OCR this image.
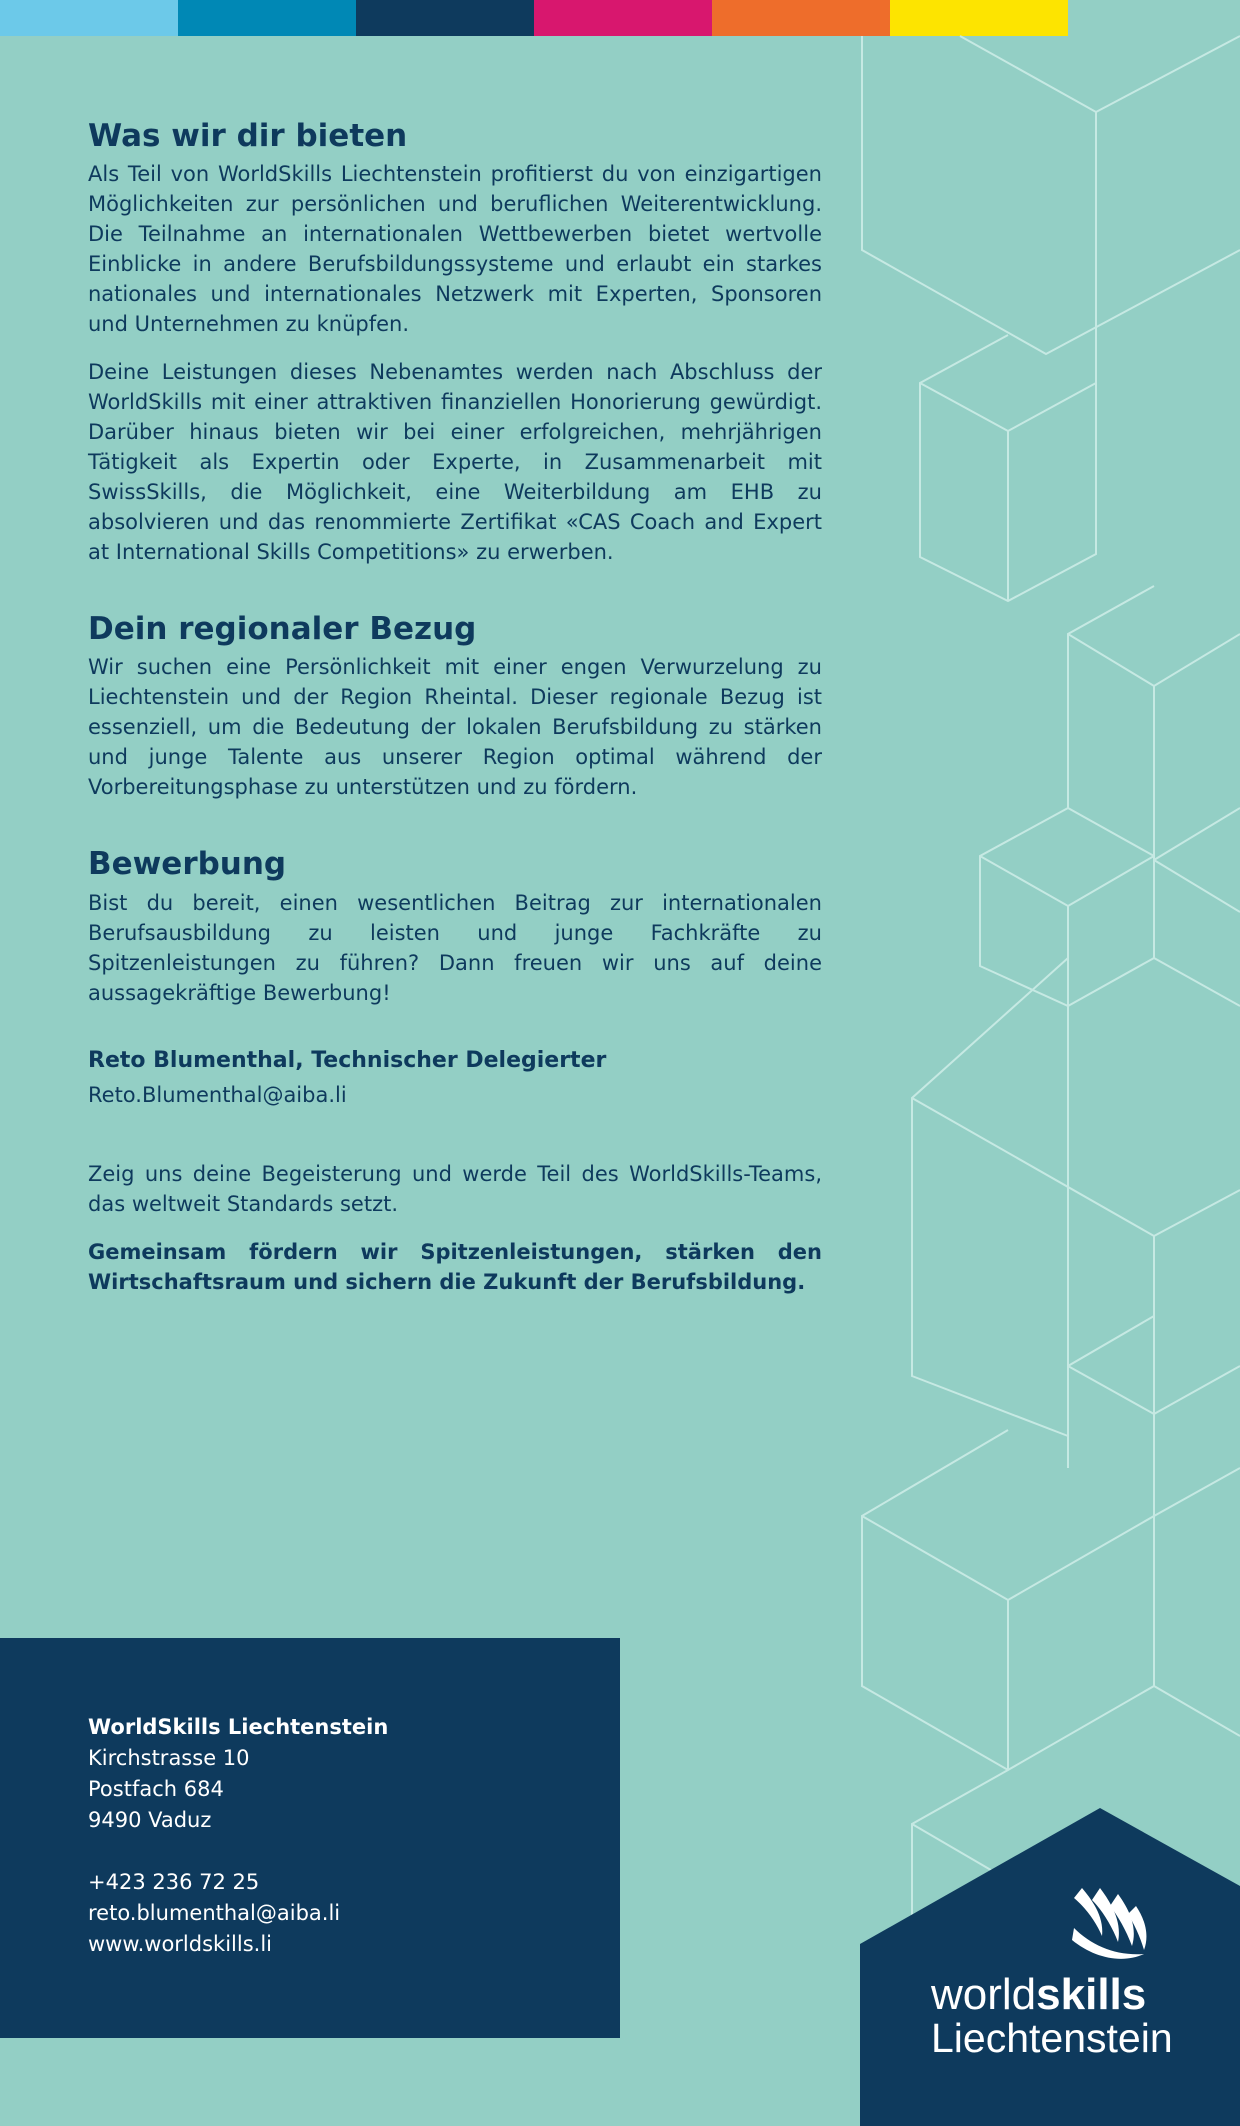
Was wir dir bieten

Als Teil von WorldSkills Liechtenstein profitierst du von einzigartigen Möglichkeiten zur persönlichen und beruflichen Weiterentwicklung. Die Teilnahme an internationalen Wettbewerben bietet wertvolle Einblicke in andere Berufsbildungssysteme und erlaubt ein starkes nationales und internationales Netzwerk mit Experten, Sponsoren und Unternehmen zu knüpfen.

Deine Leistungen dieses Nebenamtes werden nach Abschluss der WorldSkills mit einer attraktiven finanziellen Honorierung gewürdigt. Darüber hinaus bieten wir bei einer erfolgreichen, mehrjährigen Tätigkeit als Expertin oder Experte, in Zusammenarbeit mit SwissSkills, die Möglichkeit, eine Weiterbildung am EHB zu absolvieren und das renommierte Zertifikat «CAS Coach and Expert at International Skills Competitions» zu erwerben.

Dein regionaler Bezug

Wir suchen eine Persönlichkeit mit einer engen Verwurzelung zu Liechtenstein und der Region Rheintal. Dieser regionale Bezug ist essenziell, um die Bedeutung der lokalen Berufsbildung zu stärken und junge Talente aus unserer Region optimal während der Vorbereitungsphase zu unterstützen und zu fördern.

Bewerbung

Bist du bereit, einen wesentlichen Beitrag zur internationalen Berufsausbildung zu leisten und junge Fachkräfte zu Spitzenleistungen zu führen? Dann freuen wir uns auf deine aussagekräftige Bewerbung!

Reto Blumenthal, Technischer Delegierter
Reto.Blumenthal@aiba.li

Zeig uns deine Begeisterung und werde Teil des WorldSkills-Teams, das weltweit Standards setzt.

Gemeinsam fördern wir Spitzenleistungen, stärken den Wirtschaftsraum und sichern die Zukunft der Berufsbildung.

WorldSkills Liechtenstein
Kirchstrasse 10
Postfach 684
9490 Vaduz
+423 236 72 25
reto.blumenthal@aiba.li
www.worldskills.li
worldskills
Liechtenstein
